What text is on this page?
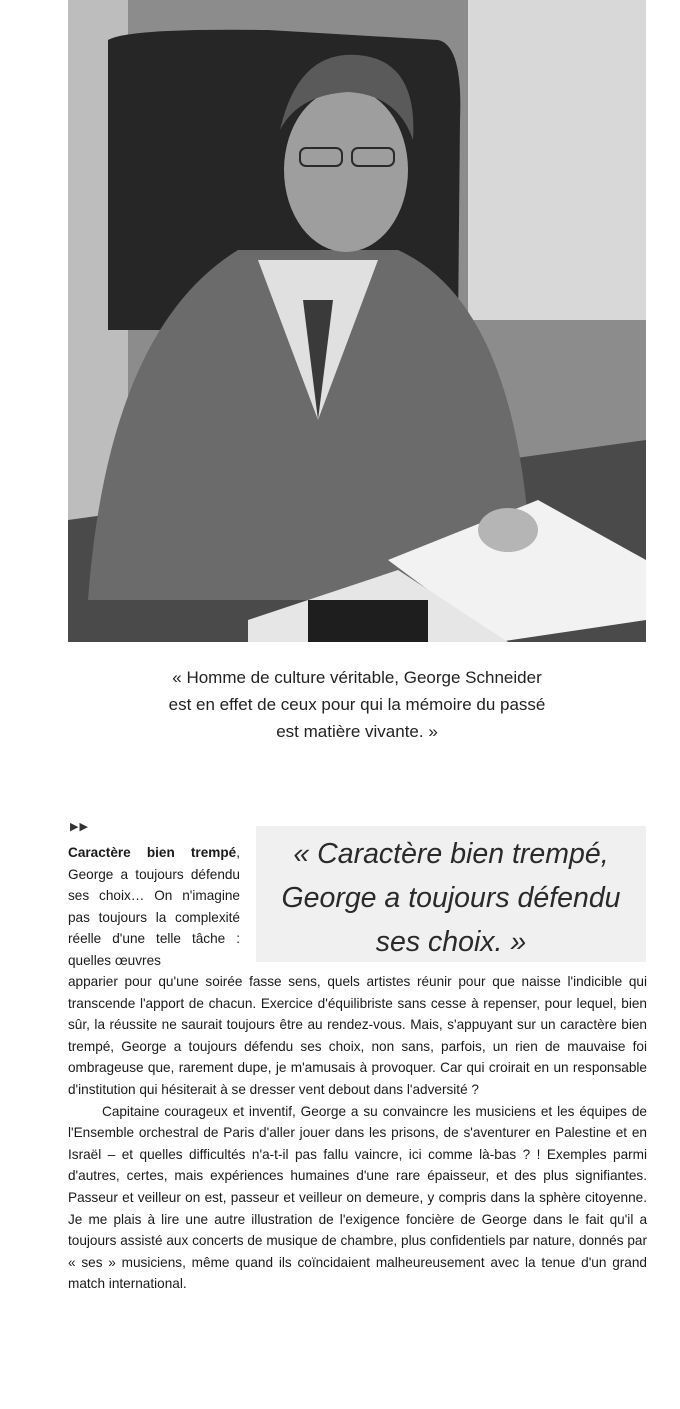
« Homme de culture véritable, George Schneider
est en effet de ceux pour qui la mémoire du passé
est matière vivante. »
▶▶
Caractère bien trempé, George a toujours défendu ses choix… On n'imagine pas toujours la complexité réelle d'une telle tâche : quelles œuvres
« Caractère bien trempé,
George a toujours défendu
ses choix. »

apparier pour qu'une soirée fasse sens, quels artistes réunir pour que naisse l'indicible qui transcende l'apport de chacun. Exercice d'équilibriste sans cesse à repenser, pour lequel, bien sûr, la réussite ne saurait toujours être au rendez-vous. Mais, s'appuyant sur un caractère bien trempé, George a toujours défendu ses choix, non sans, parfois, un rien de mauvaise foi ombrageuse que, rarement dupe, je m'amusais à provoquer. Car qui croirait en un responsable d'institution qui hésiterait à se dresser vent debout dans l'adversité ?

Capitaine courageux et inventif, George a su convaincre les musiciens et les équipes de l'Ensemble orchestral de Paris d'aller jouer dans les prisons, de s'aventurer en Palestine et en Israël – et quelles difficultés n'a-t-il pas fallu vaincre, ici comme là-bas ? ! Exemples parmi d'autres, certes, mais expériences humaines d'une rare épaisseur, et des plus signifiantes. Passeur et veilleur on est, passeur et veilleur on demeure, y compris dans la sphère citoyenne. Je me plais à lire une autre illustration de l'exigence foncière de George dans le fait qu'il a toujours assisté aux concerts de musique de chambre, plus confidentiels par nature, donnés par « ses » musiciens, même quand ils coïncidaient malheureusement avec la tenue d'un grand match international.
